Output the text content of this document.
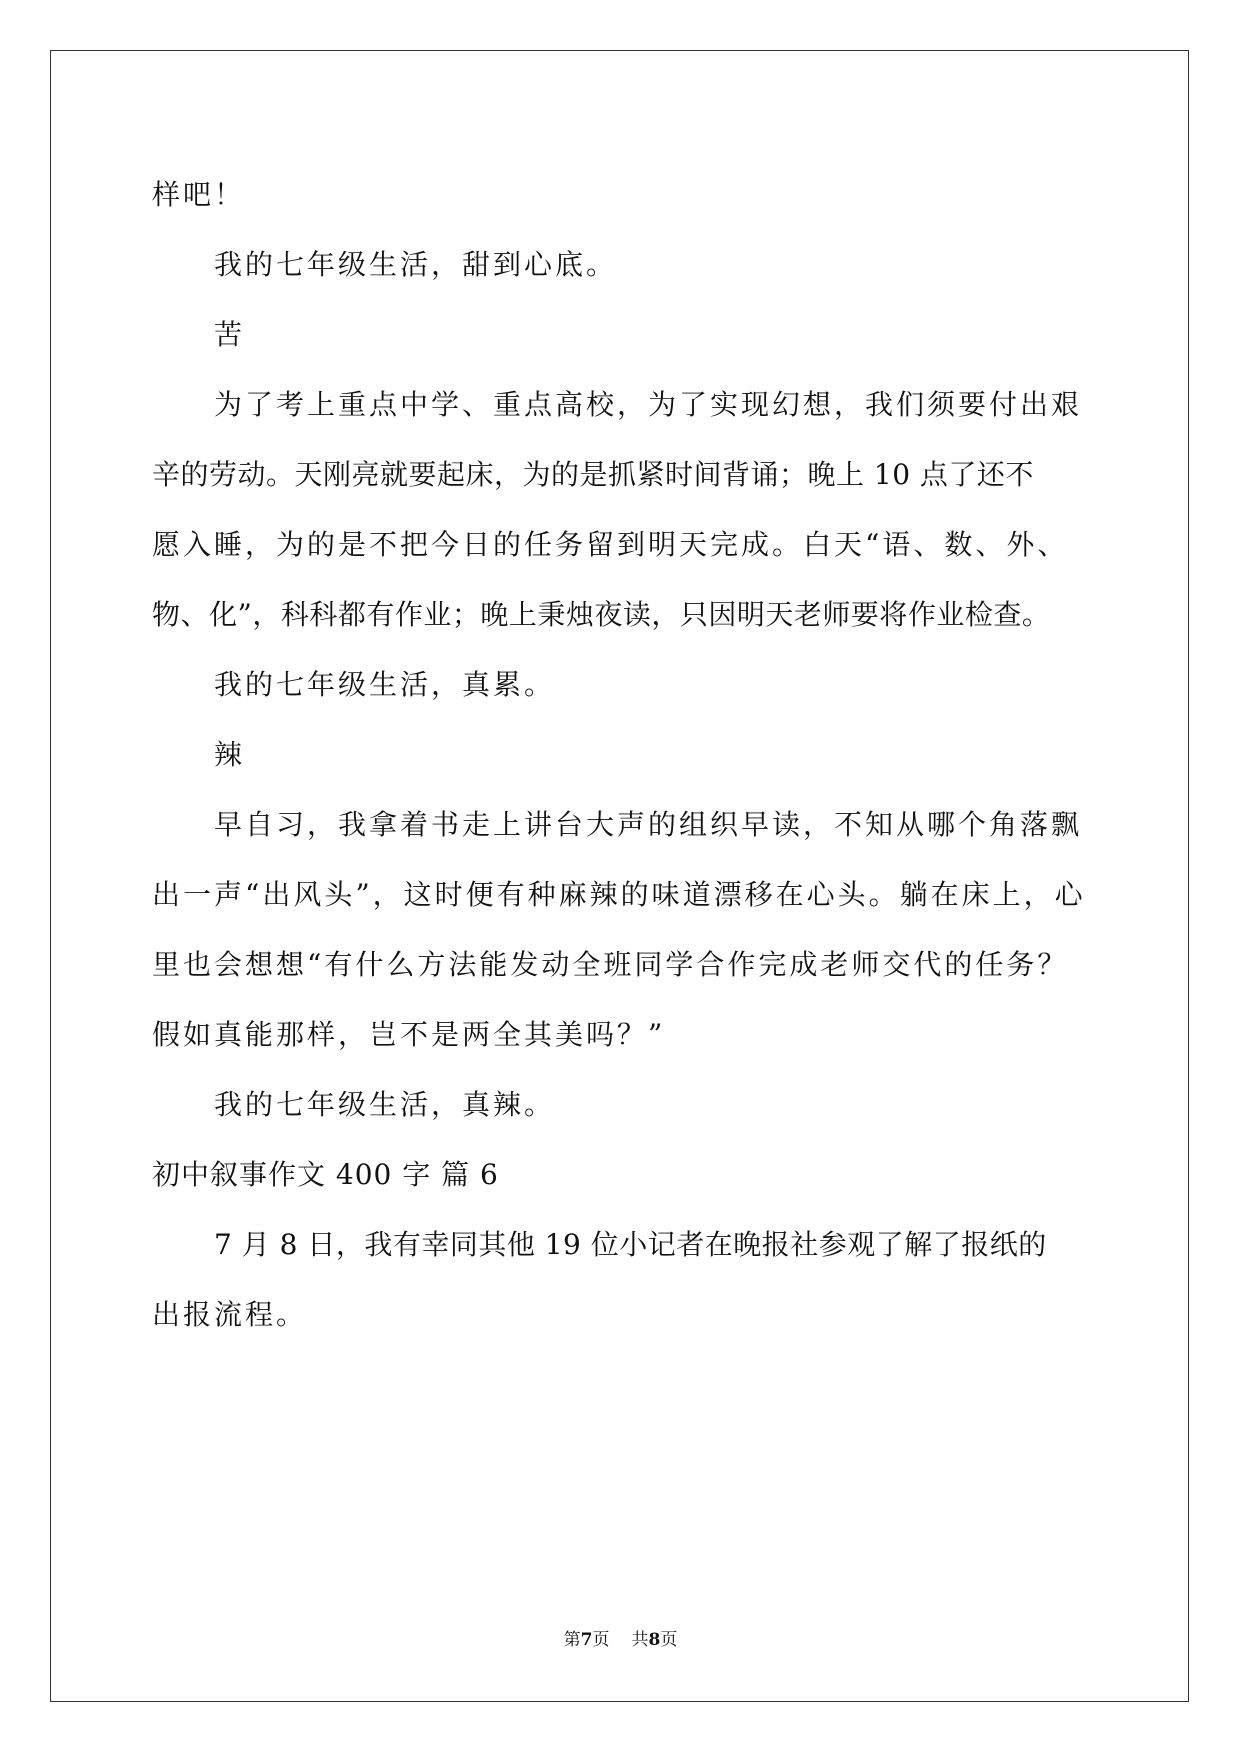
样吧！
我的七年级生活，甜到心底。
苦
为了考上重点中学、重点高校，为了实现幻想，我们须要付出艰
辛的劳动。天刚亮就要起床，为的是抓紧时间背诵；晚上 10 点了还不
愿入睡，为的是不把今日的任务留到明天完成。白天“语、数、外、
物、化”，科科都有作业；晚上秉烛夜读，只因明天老师要将作业检查。
我的七年级生活，真累。
辣
早自习，我拿着书走上讲台大声的组织早读，不知从哪个角落飘
出一声“出风头”，这时便有种麻辣的味道漂移在心头。躺在床上，心
里也会想想“有什么方法能发动全班同学合作完成老师交代的任务？
假如真能那样，岂不是两全其美吗？”
我的七年级生活，真辣。
初中叙事作文 400 字 篇 6
7 月 8 日，我有幸同其他 19 位小记者在晚报社参观了解了报纸的
出报流程。
第7页 共8页
